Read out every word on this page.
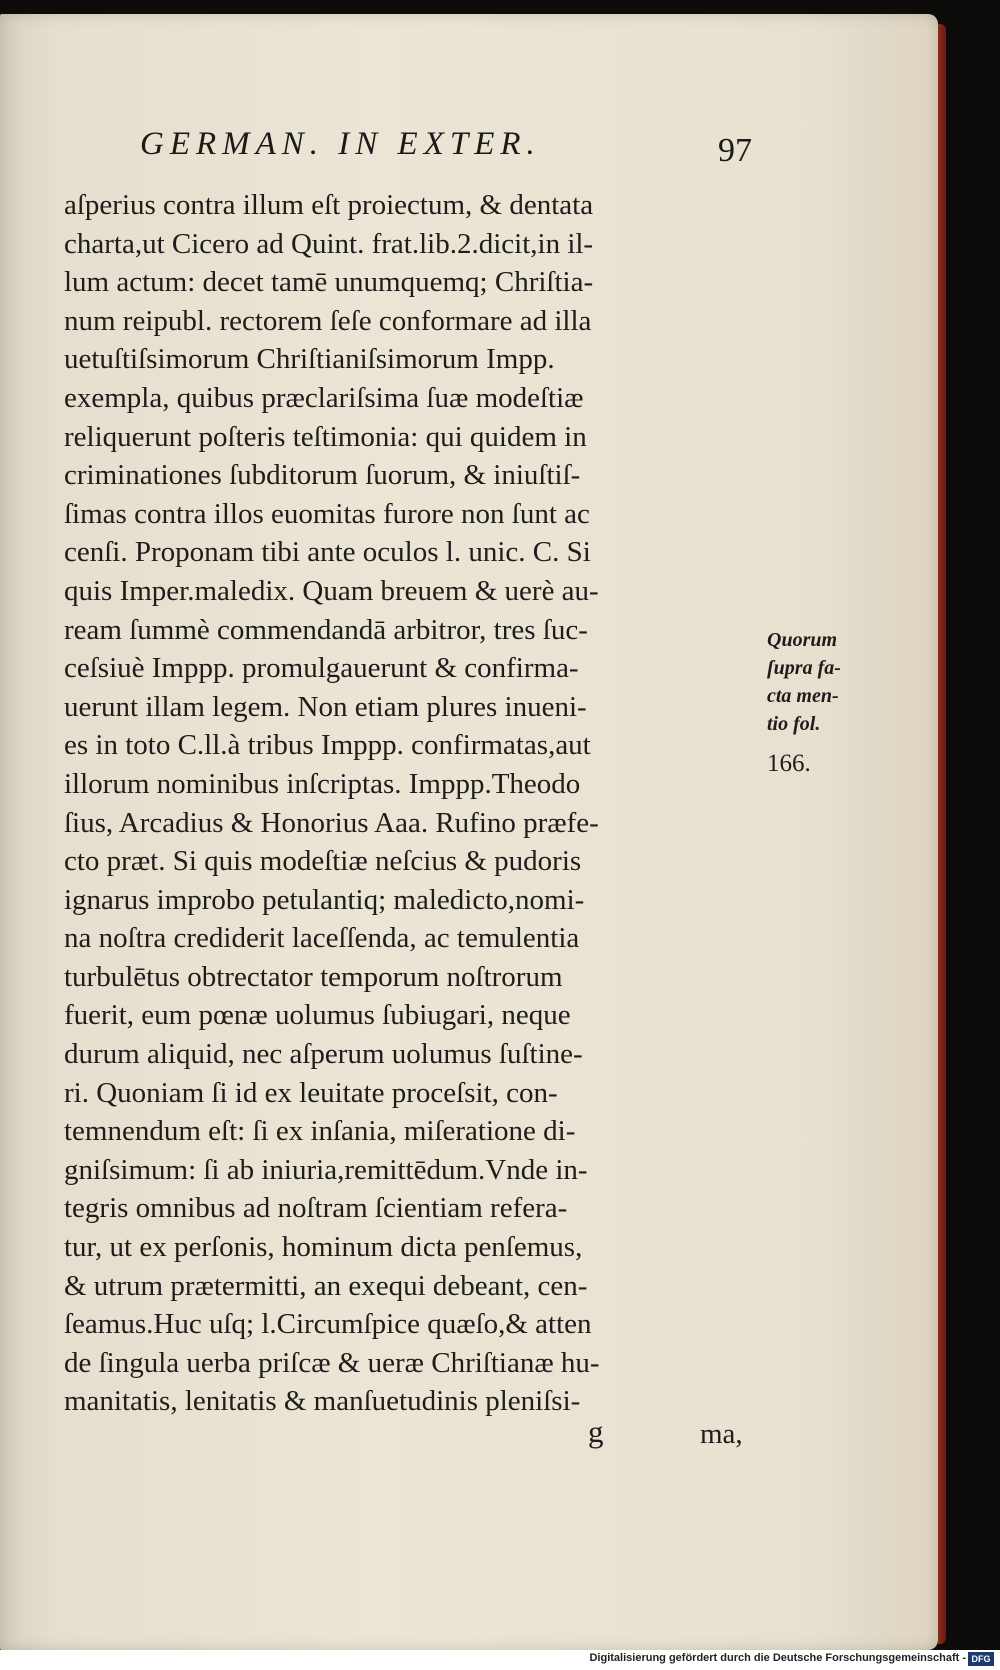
GERMAN. IN EXTER.	97
aſperius contra illum eſt proiectum, & dentata
charta,ut Cicero ad Quint. frat.lib.2.dicit,in il-
lum actum: decet tamē unumquemq; Chriſtia-
num reipubl. rectorem ſeſe conformare ad illa
uetuſtiſsimorum Chriſtianiſsimorum Impp.
exempla, quibus præclariſsima ſuæ modeſtiæ
reliquerunt poſteris teſtimonia: qui quidem in
criminationes ſubditorum ſuorum, & iniuſtiſ-
ſimas contra illos euomitas furore non ſunt ac
cenſi. Proponam tibi ante oculos l. unic. C. Si
quis Imper.maledix. Quam breuem & uerè au-
ream ſummè commendandā arbitror, tres ſuc-
ceſsiuè Imppp. promulgauerunt & confirma-
uerunt illam legem. Non etiam plures inueni-
es in toto C.ll.à tribus Imppp. confirmatas,aut
illorum nominibus inſcriptas. Imppp.Theodo
ſius, Arcadius & Honorius Aaa. Rufino præfe-
cto præt. Si quis modeſtiæ neſcius & pudoris
ignarus improbo petulantiq; maledicto,nomi-
na noſtra crediderit laceſſenda, ac temulentia
turbulētus obtrectator temporum noſtrorum
fuerit, eum pœnæ uolumus ſubiugari, neque
durum aliquid, nec aſperum uolumus ſuſtine-
ri. Quoniam ſi id ex leuitate proceſsit, con-
temnendum eſt: ſi ex inſania, miſeratione di-
gniſsimum: ſi ab iniuria,remittēdum.Vnde in-
tegris omnibus ad noſtram ſcientiam refera-
tur, ut ex perſonis, hominum dicta penſemus,
& utrum prætermitti, an exequi debeant, cen-
ſeamus.Huc uſq; l.Circumſpice quæſo,& atten
de ſingula uerba priſcæ & ueræ Chriſtianæ hu-
manitatis, lenitatis & manſuetudinis pleniſsi-
Quorum
ſupra fa-
cta men-
tio fol.
166.
g	ma,
Digitalisierung gefördert durch die Deutsche Forschungsgemeinschaft - DFG
